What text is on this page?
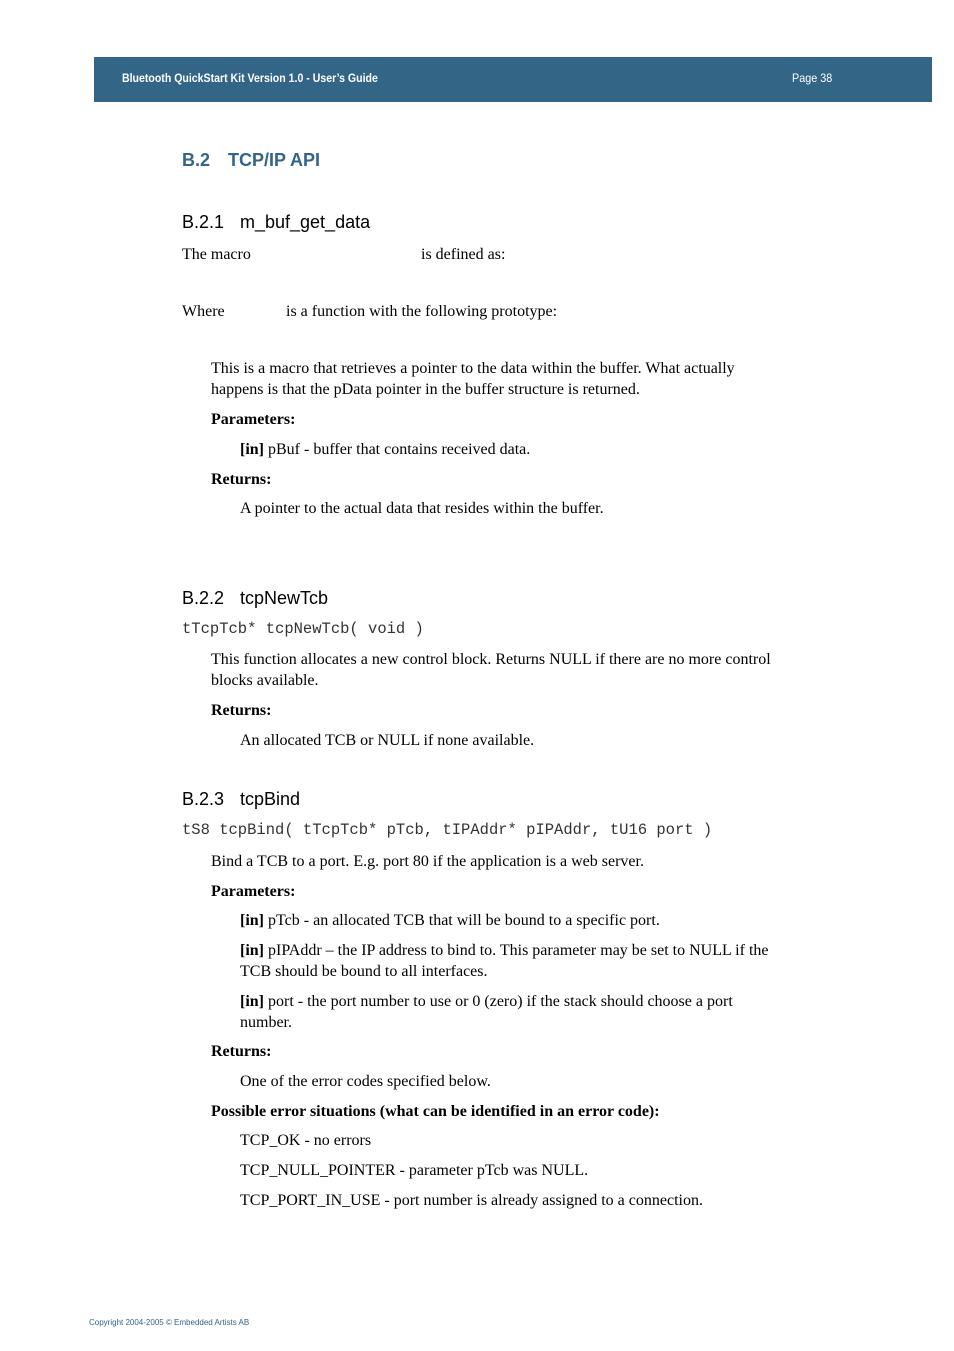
Bluetooth QuickStart Kit Version 1.0 - User’s Guide	Page 38
B.2 TCP/IP API
B.2.1 m_buf_get_data
The macro	is defined as:
Where	is a function with the following prototype:
This is a macro that retrieves a pointer to the data within the buffer. What actually
happens is that the pData pointer in the buffer structure is returned.
Parameters:
[in] pBuf - buffer that contains received data.
Returns:
A pointer to the actual data that resides within the buffer.
B.2.2 tcpNewTcb
tTcpTcb* tcpNewTcb( void )
This function allocates a new control block. Returns NULL if there are no more control
blocks available.
Returns:
An allocated TCB or NULL if none available.
B.2.3 tcpBind
tS8 tcpBind( tTcpTcb* pTcb, tIPAddr* pIPAddr, tU16 port )
Bind a TCB to a port. E.g. port 80 if the application is a web server.
Parameters:
[in] pTcb - an allocated TCB that will be bound to a specific port.
[in] pIPAddr – the IP address to bind to. This parameter may be set to NULL if the
TCB should be bound to all interfaces.
[in] port - the port number to use or 0 (zero) if the stack should choose a port
number.
Returns:
One of the error codes specified below.
Possible error situations (what can be identified in an error code):
TCP_OK - no errors
TCP_NULL_POINTER - parameter pTcb was NULL.
TCP_PORT_IN_USE - port number is already assigned to a connection.
Copyright 2004-2005 © Embedded Artists AB
